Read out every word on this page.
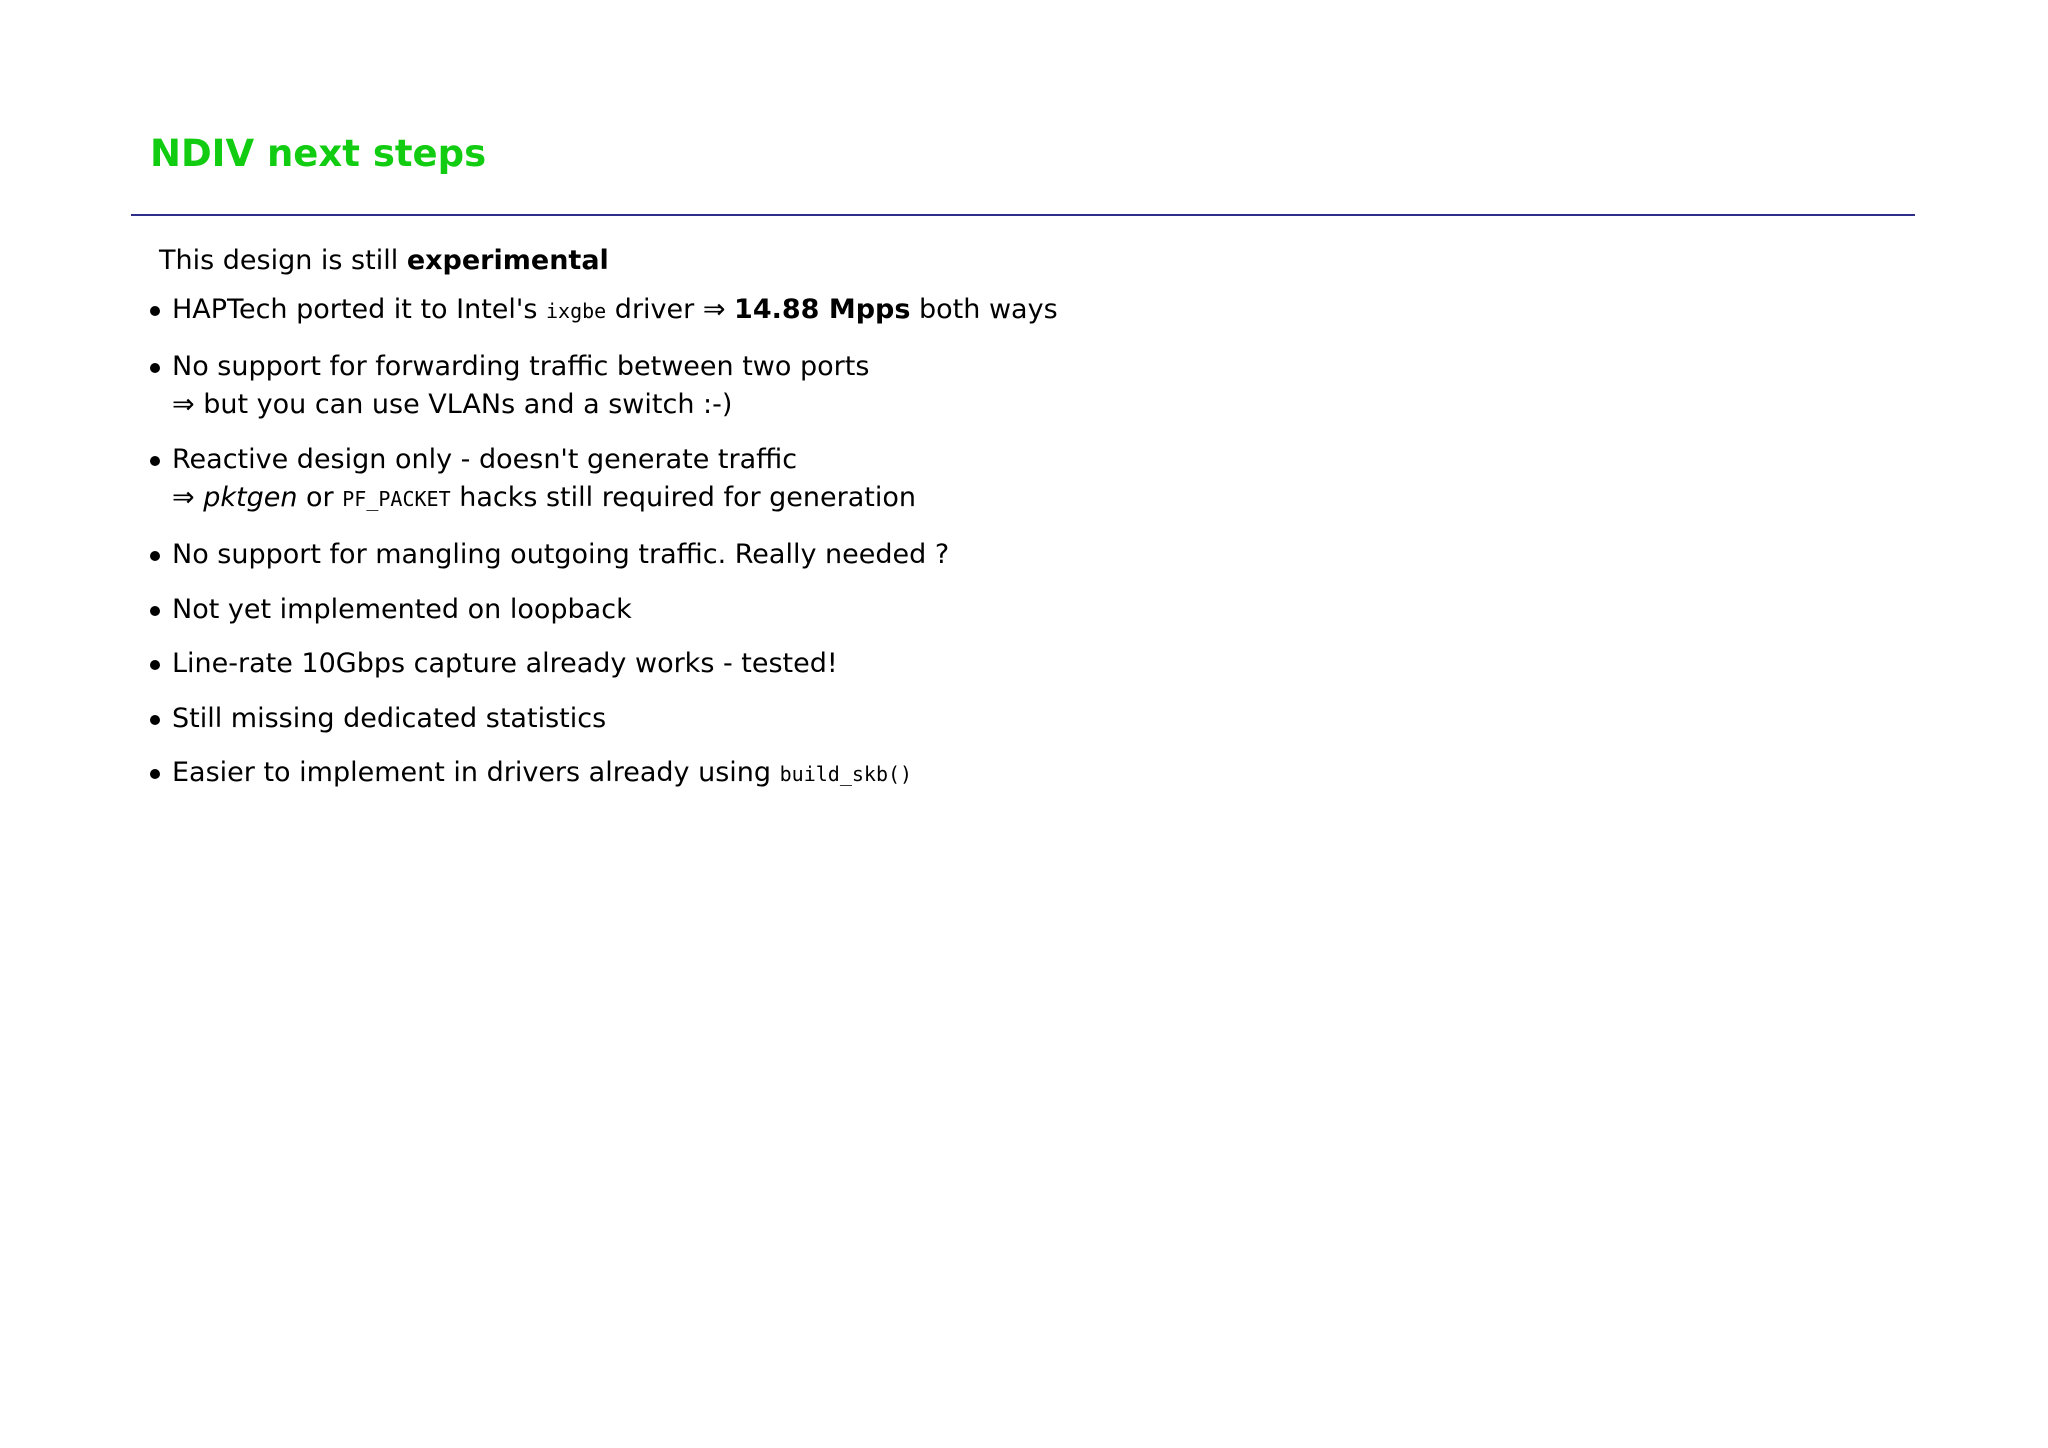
NDIV next steps
This design is still experimental
HAPTech ported it to Intel's ixgbe driver ⇒ 14.88 Mpps both ways
No support for forwarding traffic between two ports
⇒ but you can use VLANs and a switch :-)
Reactive design only - doesn't generate traffic
⇒ pktgen or PF_PACKET hacks still required for generation
No support for mangling outgoing traffic. Really needed ?
Not yet implemented on loopback
Line-rate 10Gbps capture already works - tested!
Still missing dedicated statistics
Easier to implement in drivers already using build_skb()
